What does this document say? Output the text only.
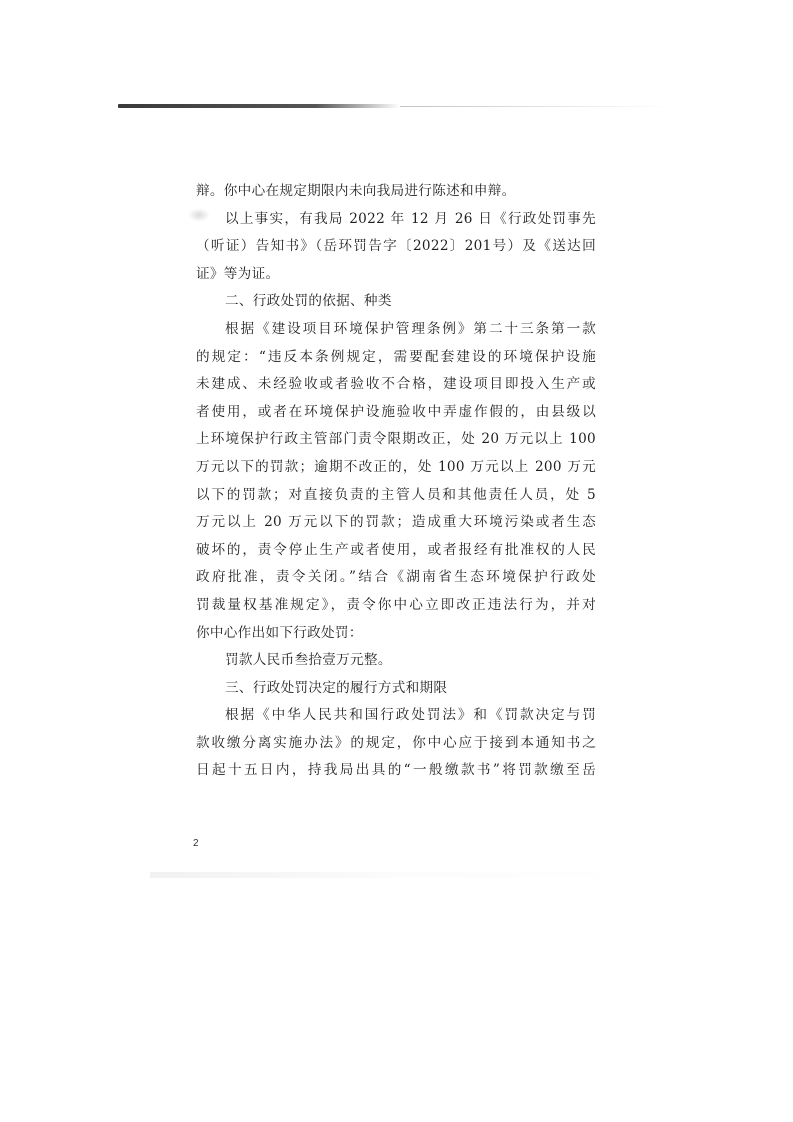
辩。你中心在规定期限内未向我局进行陈述和申辩。
以上事实，有我局 2022 年 12 月 26 日《行政处罚事先
（听证）告知书》（岳环罚告字〔2022〕201号）及《送达回
证》等为证。
二、行政处罚的依据、种类
根据《建设项目环境保护管理条例》第二十三条第一款
的规定：“违反本条例规定，需要配套建设的环境保护设施
未建成、未经验收或者验收不合格，建设项目即投入生产或
者使用，或者在环境保护设施验收中弄虚作假的，由县级以
上环境保护行政主管部门责令限期改正，处 20 万元以上 100
万元以下的罚款；逾期不改正的，处 100 万元以上 200 万元
以下的罚款；对直接负责的主管人员和其他责任人员，处 5
万元以上 20 万元以下的罚款；造成重大环境污染或者生态
破坏的，责令停止生产或者使用，或者报经有批准权的人民
政府批准，责令关闭。”结合《湖南省生态环境保护行政处
罚裁量权基准规定》，责令你中心立即改正违法行为，并对
你中心作出如下行政处罚：
罚款人民币叁拾壹万元整。
三、行政处罚决定的履行方式和期限
根据《中华人民共和国行政处罚法》和《罚款决定与罚
款收缴分离实施办法》的规定，你中心应于接到本通知书之
日起十五日内，持我局出具的“一般缴款书”将罚款缴至岳
2
